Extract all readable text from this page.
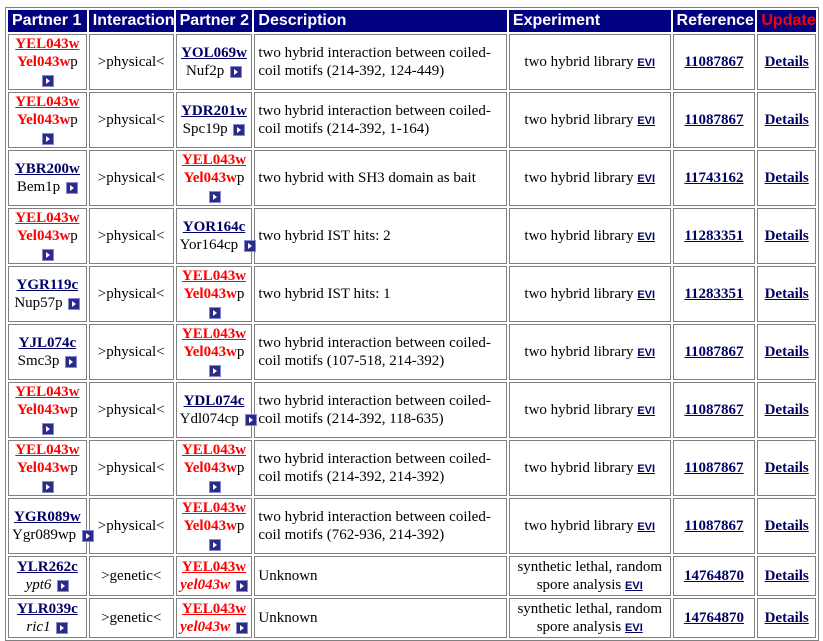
Partner 1	Interaction	Partner 2	Description	Experiment	Reference	Update

YEL043w
Yel043wp	>physical<	YOL069w
Nuf2p	two hybrid interaction between coiled-
coil motifs (214-392, 124-449)	two hybrid library EVI	11087867	Details

YEL043w
Yel043wp	>physical<	YDR201w
Spc19p	two hybrid interaction between coiled-
coil motifs (214-392, 1-164)	two hybrid library EVI	11087867	Details

YBR200w
Bem1p	>physical<	YEL043w
Yel043wp	two hybrid with SH3 domain as bait	two hybrid library EVI	11743162	Details

YEL043w
Yel043wp	>physical<	YOR164c
Yor164cp	two hybrid IST hits: 2	two hybrid library EVI	11283351	Details

YGR119c
Nup57p	>physical<	YEL043w
Yel043wp	two hybrid IST hits: 1	two hybrid library EVI	11283351	Details

YJL074c
Smc3p	>physical<	YEL043w
Yel043wp	two hybrid interaction between coiled-
coil motifs (107-518, 214-392)	two hybrid library EVI	11087867	Details

YEL043w
Yel043wp	>physical<	YDL074c
Ydl074cp	two hybrid interaction between coiled-
coil motifs (214-392, 118-635)	two hybrid library EVI	11087867	Details

YEL043w
Yel043wp	>physical<	YEL043w
Yel043wp	two hybrid interaction between coiled-
coil motifs (214-392, 214-392)	two hybrid library EVI	11087867	Details

YGR089w
Ygr089wp	>physical<	YEL043w
Yel043wp	two hybrid interaction between coiled-
coil motifs (762-936, 214-392)	two hybrid library EVI	11087867	Details

YLR262c
ypt6	>genetic<	YEL043w
yel043w	Unknown	synthetic lethal, random
spore analysis EVI	14764870	Details

YLR039c
ric1	>genetic<	YEL043w
yel043w	Unknown	synthetic lethal, random
spore analysis EVI	14764870	Details
